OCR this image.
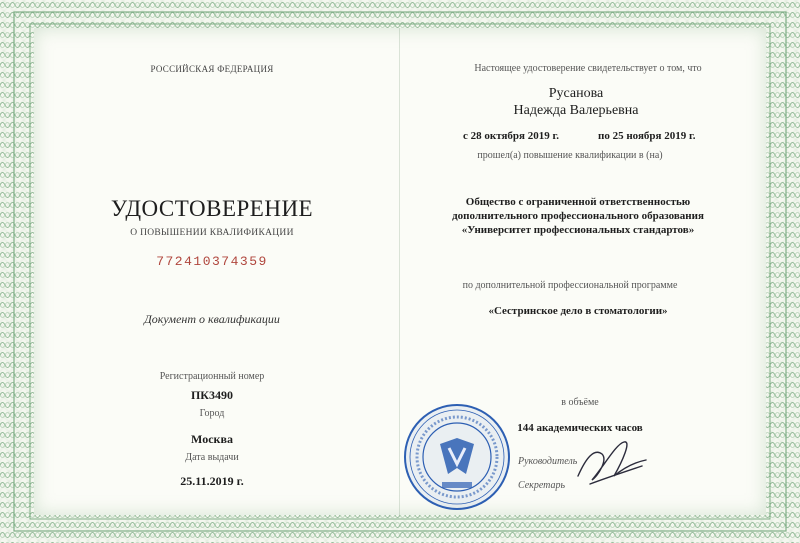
РОССИЙСКАЯ ФЕДЕРАЦИЯ
УДОСТОВЕРЕНИЕ
О ПОВЫШЕНИИ КВАЛИФИКАЦИИ
772410374359
Документ о квалификации
Регистрационный номер
ПК3490
Город
Москва
Дата выдачи
25.11.2019 г.
Настоящее удостоверение свидетельствует о том, что
Русанова
Надежда Валерьевна
с 28 октября 2019 г.	по 25 ноября 2019 г.
прошел(а) повышение квалификации в (на)
Общество с ограниченной ответственностью
дополнительного профессионального образования
«Университет профессиональных стандартов»
по дополнительной профессиональной программе
«Сестринское дело в стоматологии»
в объёме
144 академических часов
Руководитель
Секретарь
